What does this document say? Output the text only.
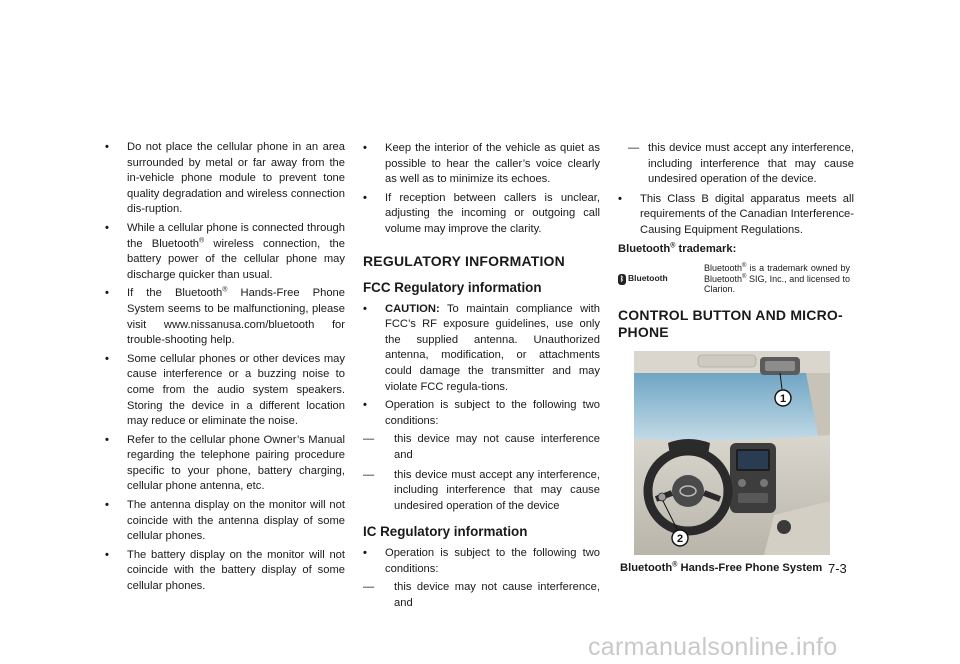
• Do not place the cellular phone in an area surrounded by metal or far away from the in-vehicle phone module to prevent tone quality degradation and wireless connection dis-ruption.
• While a cellular phone is connected through the Bluetooth® wireless connection, the battery power of the cellular phone may discharge quicker than usual.
• If the Bluetooth® Hands-Free Phone System seems to be malfunctioning, please visit www.nissanusa.com/bluetooth for trouble-shooting help.
• Some cellular phones or other devices may cause interference or a buzzing noise to come from the audio system speakers. Storing the device in a different location may reduce or eliminate the noise.
• Refer to the cellular phone Owner’s Manual regarding the telephone pairing procedure specific to your phone, battery charging, cellular phone antenna, etc.
• The antenna display on the monitor will not coincide with the antenna display of some cellular phones.
• The battery display on the monitor will not coincide with the battery display of some cellular phones.
• Keep the interior of the vehicle as quiet as possible to hear the caller’s voice clearly as well as to minimize its echoes.
• If reception between callers is unclear, adjusting the incoming or outgoing call volume may improve the clarity.
REGULATORY INFORMATION
FCC Regulatory information
• CAUTION: To maintain compliance with FCC’s RF exposure guidelines, use only the supplied antenna. Unauthorized antenna, modification, or attachments could damage the transmitter and may violate FCC regula-tions.
• Operation is subject to the following two conditions:
— this device may not cause interference and
— this device must accept any interference, including interference that may cause undesired operation of the device
IC Regulatory information
• Operation is subject to the following two conditions:
— this device may not cause interference, and
— this device must accept any interference, including interference that may cause undesired operation of the device.
• This Class B digital apparatus meets all requirements of the Canadian Interference-Causing Equipment Regulations.
Bluetooth® trademark:
ᛒ Bluetooth
Bluetooth® is a trademark owned by Bluetooth® SIG, Inc., and licensed to Clarion.
CONTROL BUTTON AND MICRO-PHONE
1
2
Bluetooth® Hands-Free Phone System 7-3
carmanualsonline.info
